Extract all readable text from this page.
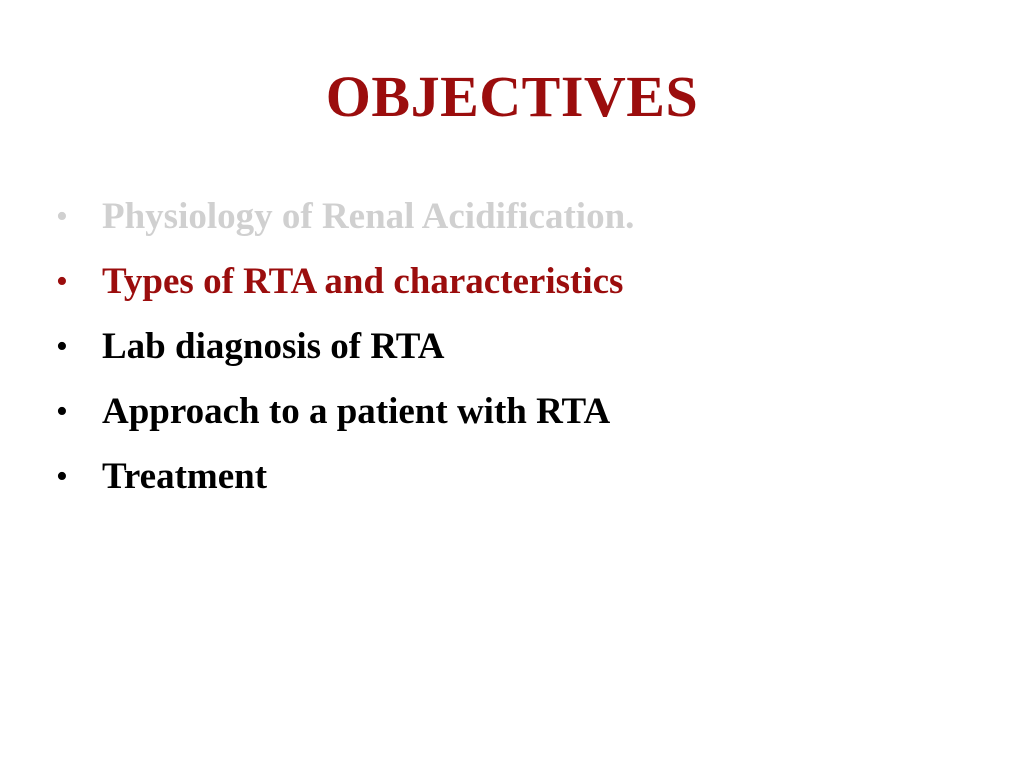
OBJECTIVES
• Physiology of Renal Acidification.
• Types of RTA and characteristics
• Lab diagnosis of RTA
• Approach to a patient with RTA
• Treatment
